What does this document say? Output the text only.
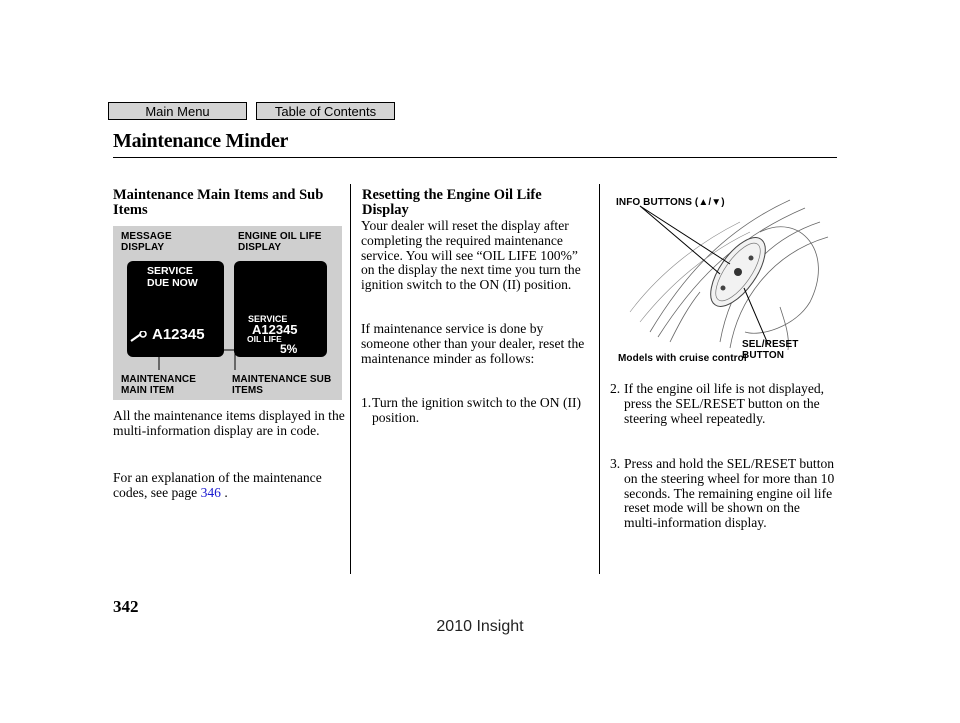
Main Menu	Table of Contents
Maintenance Minder
Maintenance Main Items and Sub Items
MESSAGE DISPLAY
ENGINE OIL LIFE DISPLAY
SERVICE
DUE NOW
A12345
SERVICE
A12345
OIL LIFE
5%
MAINTENANCE MAIN ITEM
MAINTENANCE SUB ITEMS

All the maintenance items displayed in the multi-information display are in code.

For an explanation of the maintenance codes, see page 346 .

Resetting the Engine Oil Life Display

Your dealer will reset the display after completing the required maintenance service. You will see “OIL LIFE 100%” on the display the next time you turn the ignition switch to the ON (II) position.

If maintenance service is done by someone other than your dealer, reset the maintenance minder as follows:

1. Turn the ignition switch to the ON (II) position.
INFO BUTTONS (▲/▼)
SEL/RESET BUTTON
Models with cruise control
2. If the engine oil life is not displayed, press the SEL/RESET button on the steering wheel repeatedly.
3. Press and hold the SEL/RESET button on the steering wheel for more than 10 seconds. The remaining engine oil life reset mode will be shown on the multi-information display.
342
2010 Insight
